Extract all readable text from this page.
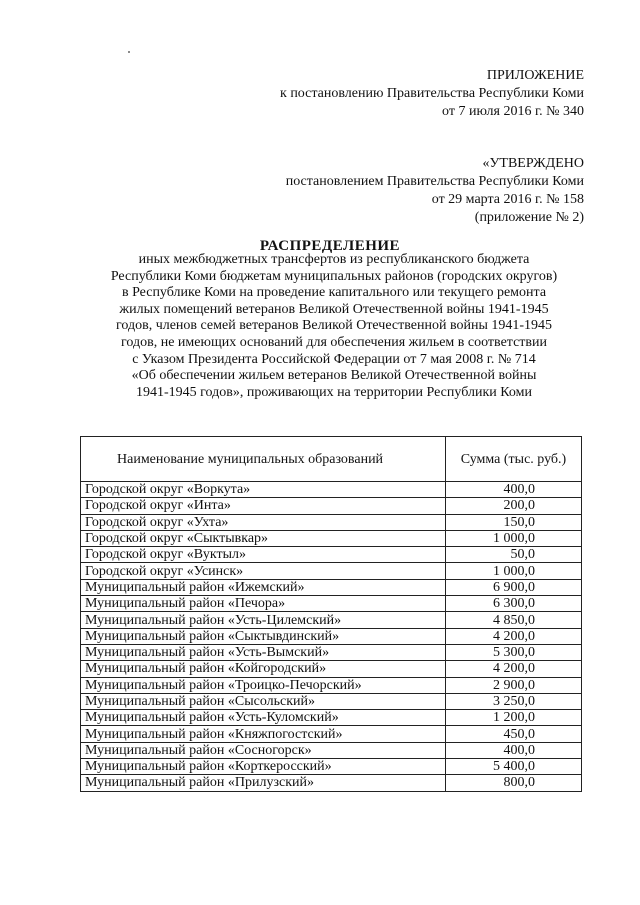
ПРИЛОЖЕНИЕ
к постановлению Правительства Республики Коми
от 7 июля 2016 г. № 340
«УТВЕРЖДЕНО
постановлением Правительства Республики Коми
от 29 марта 2016 г. № 158
(приложение № 2)
РАСПРЕДЕЛЕНИЕ
иных межбюджетных трансфертов из республиканского бюджета
Республики Коми бюджетам муниципальных районов (городских округов)
в Республике Коми на проведение капитального или текущего ремонта
жилых помещений ветеранов Великой Отечественной войны 1941-1945
годов, членов семей ветеранов Великой Отечественной войны 1941-1945
годов, не имеющих оснований для обеспечения жильем в соответствии
с Указом Президента Российской Федерации от 7 мая 2008 г. № 714
«Об обеспечении жильем ветеранов Великой Отечественной войны
1941-1945 годов», проживающих на территории Республики Коми
Наименование муниципальных образований	Сумма (тыс. руб.)
Городской округ «Воркута»	400,0
Городской округ «Инта»	200,0
Городской округ «Ухта»	150,0
Городской округ «Сыктывкар»	1 000,0
Городской округ «Вуктыл»	50,0
Городской округ «Усинск»	1 000,0
Муниципальный район «Ижемский»	6 900,0
Муниципальный район «Печора»	6 300,0
Муниципальный район «Усть-Цилемский»	4 850,0
Муниципальный район «Сыктывдинский»	4 200,0
Муниципальный район «Усть-Вымский»	5 300,0
Муниципальный район «Койгородский»	4 200,0
Муниципальный район «Троицко-Печорский»	2 900,0
Муниципальный район «Сысольский»	3 250,0
Муниципальный район «Усть-Куломский»	1 200,0
Муниципальный район «Княжпогостский»	450,0
Муниципальный район «Сосногорск»	400,0
Муниципальный район «Корткеросский»	5 400,0
Муниципальный район «Прилузский»	800,0
